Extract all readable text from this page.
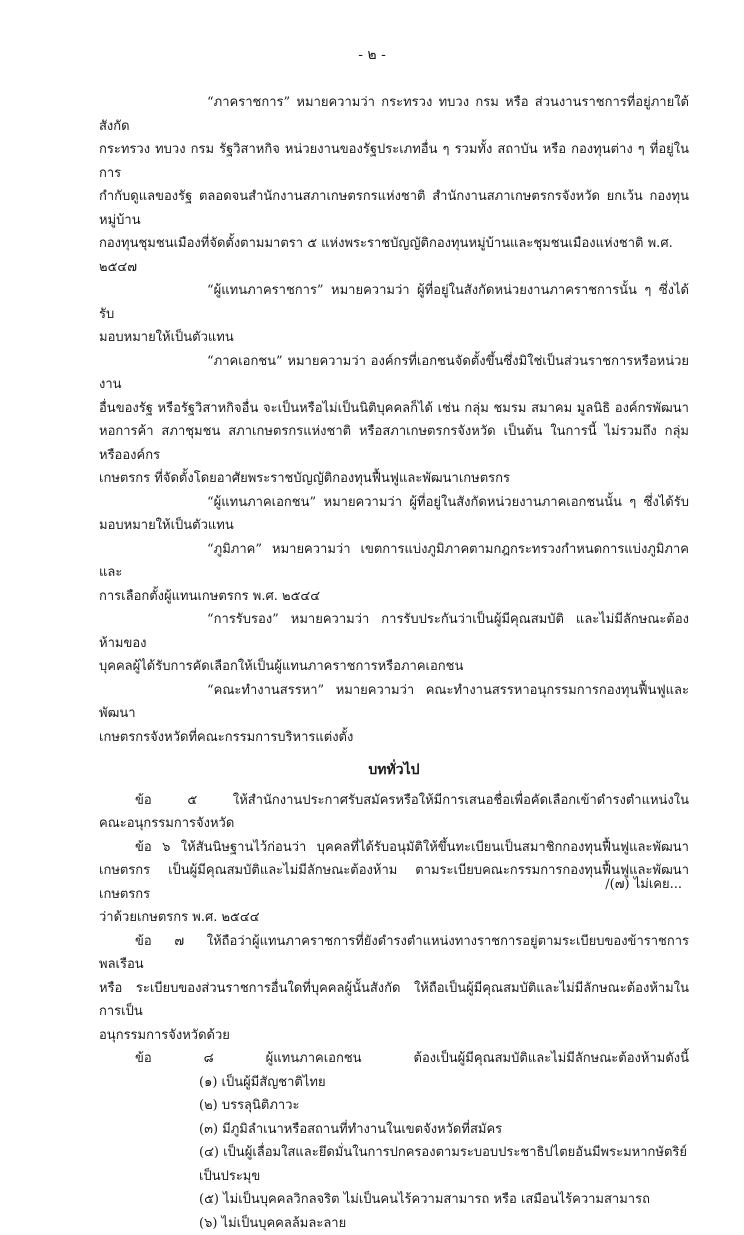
- ๒ -
“ภาคราชการ” หมายความว่า กระทรวง ทบวง กรม หรือ ส่วนงานราชการที่อยู่ภายใต้สังกัด
กระทรวง ทบวง กรม รัฐวิสาหกิจ หน่วยงานของรัฐประเภทอื่น ๆ รวมทั้ง สถาบัน หรือ กองทุนต่าง ๆ ที่อยู่ในการ
กำกับดูแลของรัฐ ตลอดจนสำนักงานสภาเกษตรกรแห่งชาติ สำนักงานสภาเกษตรกรจังหวัด ยกเว้น กองทุนหมู่บ้าน
กองทุนชุมชนเมืองที่จัดตั้งตามมาตรา ๕ แห่งพระราชบัญญัติกองทุนหมู่บ้านและชุมชนเมืองแห่งชาติ พ.ศ. ๒๕๔๗
“ผู้แทนภาคราชการ” หมายความว่า ผู้ที่อยู่ในสังกัดหน่วยงานภาคราชการนั้น ๆ ซึ่งได้รับ
มอบหมายให้เป็นตัวแทน
“ภาคเอกชน” หมายความว่า องค์กรที่เอกชนจัดตั้งขึ้นซึ่งมิใช่เป็นส่วนราชการหรือหน่วยงาน
อื่นของรัฐ หรือรัฐวิสาหกิจอื่น จะเป็นหรือไม่เป็นนิติบุคคลก็ได้ เช่น กลุ่ม ชมรม สมาคม มูลนิธิ องค์กรพัฒนา
หอการค้า สภาชุมชน สภาเกษตรกรแห่งชาติ หรือสภาเกษตรกรจังหวัด เป็นต้น ในการนี้ ไม่รวมถึง กลุ่ม หรือองค์กร
เกษตรกร ที่จัดตั้งโดยอาศัยพระราชบัญญัติกองทุนฟื้นฟูและพัฒนาเกษตรกร
“ผู้แทนภาคเอกชน” หมายความว่า ผู้ที่อยู่ในสังกัดหน่วยงานภาคเอกชนนั้น ๆ ซึ่งได้รับ
มอบหมายให้เป็นตัวแทน
“ภูมิภาค” หมายความว่า เขตการแบ่งภูมิภาคตามกฎกระทรวงกำหนดการแบ่งภูมิภาคและ
การเลือกตั้งผู้แทนเกษตรกร พ.ศ. ๒๕๔๔
“การรับรอง” หมายความว่า การรับประกันว่าเป็นผู้มีคุณสมบัติ และไม่มีลักษณะต้องห้ามของ
บุคคลผู้ได้รับการคัดเลือกให้เป็นผู้แทนภาคราชการหรือภาคเอกชน
“คณะทำงานสรรหา” หมายความว่า คณะทำงานสรรหาอนุกรรมการกองทุนฟื้นฟูและพัฒนา
เกษตรกรจังหวัดที่คณะกรรมการบริหารแต่งตั้ง
บททั่วไป
ข้อ ๕ ให้สำนักงานประกาศรับสมัครหรือให้มีการเสนอชื่อเพื่อคัดเลือกเข้าดำรงตำแหน่งใน
คณะอนุกรรมการจังหวัด
ข้อ ๖ ให้สันนิษฐานไว้ก่อนว่า บุคคลที่ได้รับอนุมัติให้ขึ้นทะเบียนเป็นสมาชิกกองทุนฟื้นฟูและพัฒนา
เกษตรกร เป็นผู้มีคุณสมบัติและไม่มีลักษณะต้องห้าม ตามระเบียบคณะกรรมการกองทุนฟื้นฟูและพัฒนาเกษตรกร
ว่าด้วยเกษตรกร พ.ศ. ๒๕๔๔
ข้อ ๗ ให้ถือว่าผู้แทนภาคราชการที่ยังดำรงตำแหน่งทางราชการอยู่ตามระเบียบของข้าราชการพลเรือน
หรือ ระเบียบของส่วนราชการอื่นใดที่บุคคลผู้นั้นสังกัด ให้ถือเป็นผู้มีคุณสมบัติและไม่มีลักษณะต้องห้ามในการเป็น
อนุกรรมการจังหวัดด้วย
ข้อ ๘ ผู้แทนภาคเอกชน ต้องเป็นผู้มีคุณสมบัติและไม่มีลักษณะต้องห้ามดังนี้
(๑) เป็นผู้มีสัญชาติไทย
(๒) บรรลุนิติภาวะ
(๓) มีภูมิลำเนาหรือสถานที่ทำงานในเขตจังหวัดที่สมัคร
(๔) เป็นผู้เลื่อมใสและยึดมั่นในการปกครองตามระบอบประชาธิปไตยอันมีพระมหากษัตริย์เป็นประมุข
(๕) ไม่เป็นบุคคลวิกลจริต ไม่เป็นคนไร้ความสามารถ หรือ เสมือนไร้ความสามารถ
(๖) ไม่เป็นบุคคลล้มละลาย
/(๗) ไม่เคย...
